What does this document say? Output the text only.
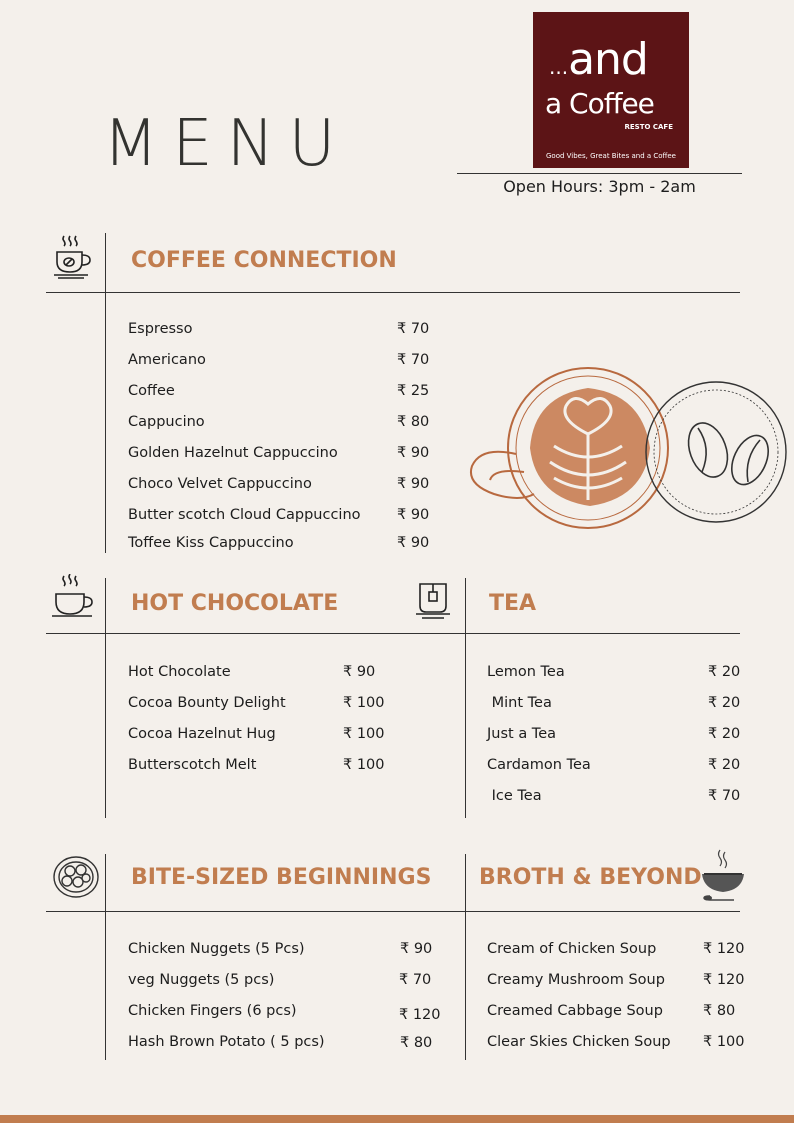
MENU
...and
a Coffee
RESTO CAFE
Good Vibes, Great Bites and a Coffee
Open Hours: 3pm - 2am
COFFEE CONNECTION
Espresso	₹ 70
Americano	₹ 70
Coffee	₹ 25
Cappucino	₹ 80
Golden Hazelnut Cappuccino	₹ 90
Choco Velvet Cappuccino	₹ 90
Butter scotch Cloud Cappuccino	₹ 90
Toffee Kiss Cappuccino	₹ 90
HOT CHOCOLATE	TEA
Hot Chocolate	₹ 90
Cocoa Bounty Delight	₹ 100
Cocoa Hazelnut Hug	₹ 100
Butterscotch Melt	₹ 100
Lemon Tea	₹ 20
Mint Tea	₹ 20
Just a Tea	₹ 20
Cardamon Tea	₹ 20
Ice Tea	₹ 70
BITE-SIZED BEGINNINGS BROTH & BEYOND
Chicken Nuggets (5 Pcs)	₹ 90
veg Nuggets (5 pcs)	₹ 70
Chicken Fingers (6 pcs)	₹ 120
Hash Brown Potato ( 5 pcs)	₹ 80
Cream of Chicken Soup	₹ 120
Creamy Mushroom Soup	₹ 120
Creamed Cabbage Soup	₹ 80
Clear Skies Chicken Soup ₹ 100
